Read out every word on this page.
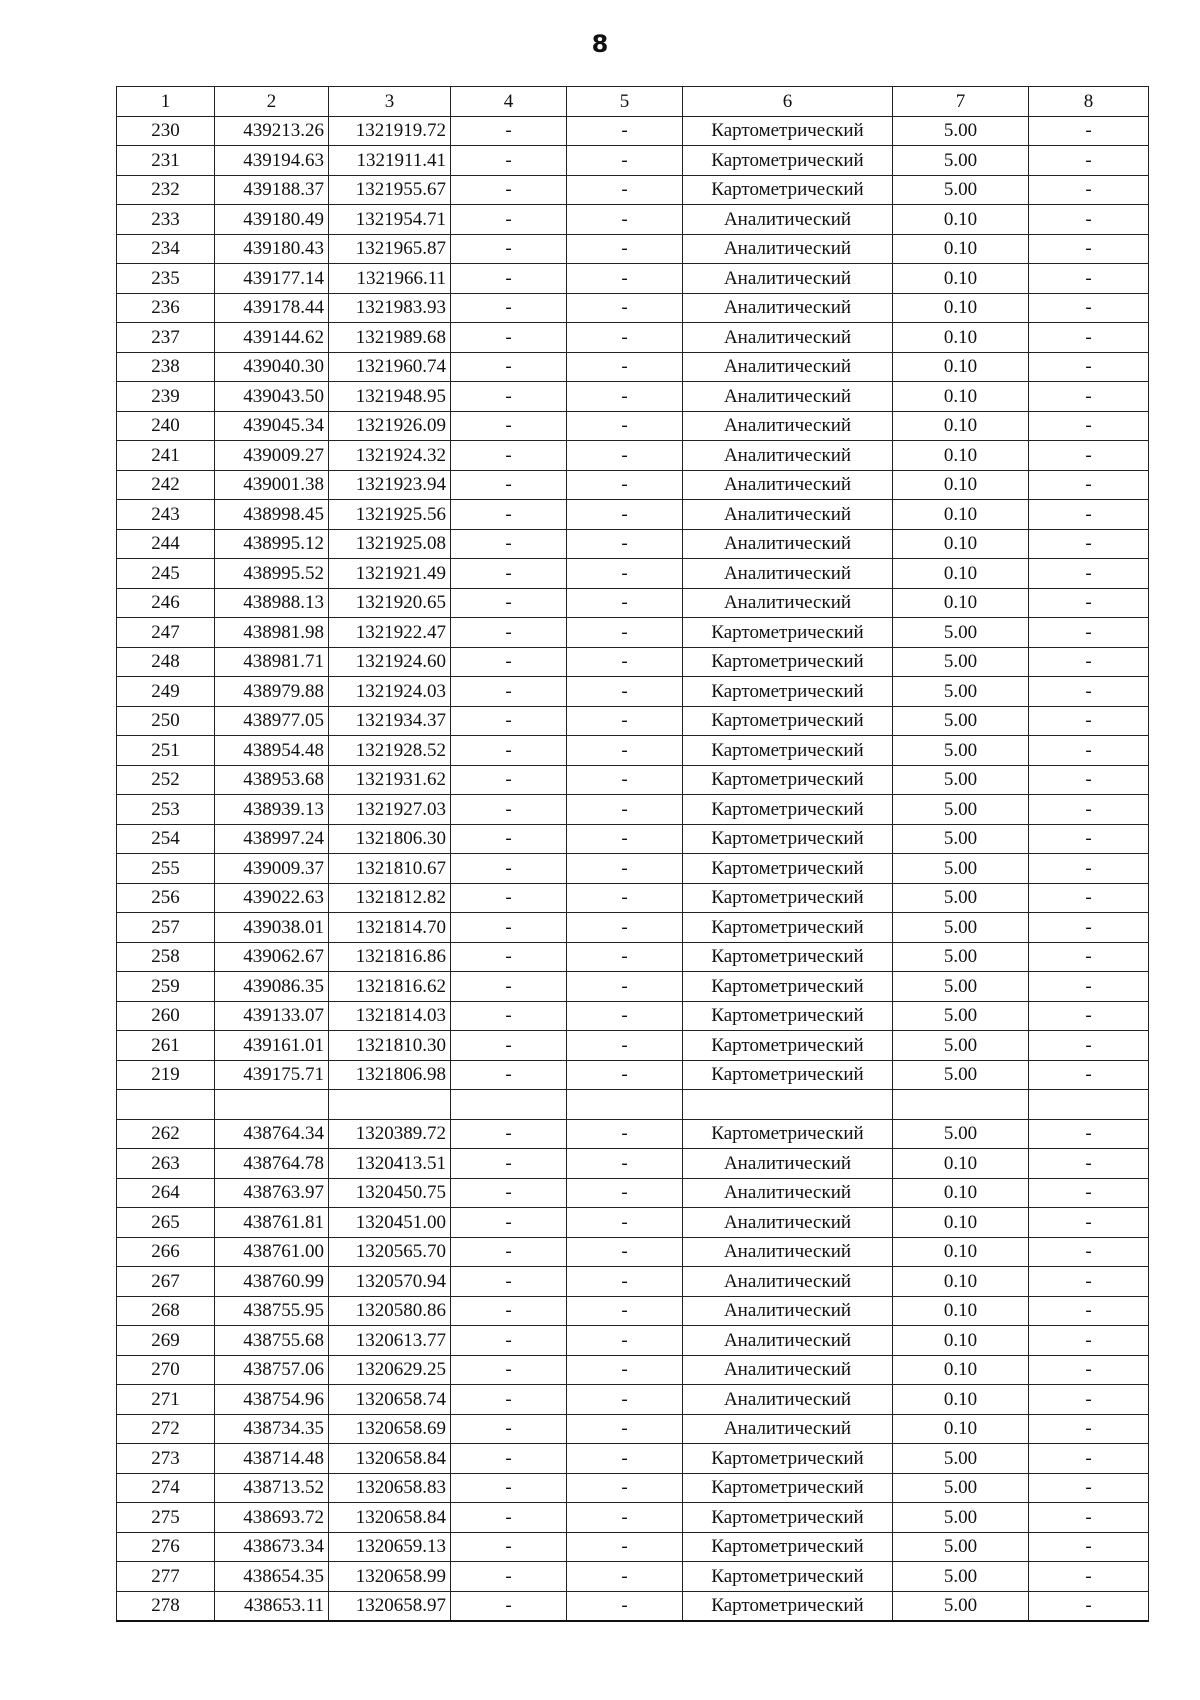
8
1	2	3	4	5	6	7	8
230	439213.26	1321919.72	-	-	Картометрический	5.00	-
231	439194.63	1321911.41	-	-	Картометрический	5.00	-
232	439188.37	1321955.67	-	-	Картометрический	5.00	-
233	439180.49	1321954.71	-	-	Аналитический	0.10	-
234	439180.43	1321965.87	-	-	Аналитический	0.10	-
235	439177.14	1321966.11	-	-	Аналитический	0.10	-
236	439178.44	1321983.93	-	-	Аналитический	0.10	-
237	439144.62	1321989.68	-	-	Аналитический	0.10	-
238	439040.30	1321960.74	-	-	Аналитический	0.10	-
239	439043.50	1321948.95	-	-	Аналитический	0.10	-
240	439045.34	1321926.09	-	-	Аналитический	0.10	-
241	439009.27	1321924.32	-	-	Аналитический	0.10	-
242	439001.38	1321923.94	-	-	Аналитический	0.10	-
243	438998.45	1321925.56	-	-	Аналитический	0.10	-
244	438995.12	1321925.08	-	-	Аналитический	0.10	-
245	438995.52	1321921.49	-	-	Аналитический	0.10	-
246	438988.13	1321920.65	-	-	Аналитический	0.10	-
247	438981.98	1321922.47	-	-	Картометрический	5.00	-
248	438981.71	1321924.60	-	-	Картометрический	5.00	-
249	438979.88	1321924.03	-	-	Картометрический	5.00	-
250	438977.05	1321934.37	-	-	Картометрический	5.00	-
251	438954.48	1321928.52	-	-	Картометрический	5.00	-
252	438953.68	1321931.62	-	-	Картометрический	5.00	-
253	438939.13	1321927.03	-	-	Картометрический	5.00	-
254	438997.24	1321806.30	-	-	Картометрический	5.00	-
255	439009.37	1321810.67	-	-	Картометрический	5.00	-
256	439022.63	1321812.82	-	-	Картометрический	5.00	-
257	439038.01	1321814.70	-	-	Картометрический	5.00	-
258	439062.67	1321816.86	-	-	Картометрический	5.00	-
259	439086.35	1321816.62	-	-	Картометрический	5.00	-
260	439133.07	1321814.03	-	-	Картометрический	5.00	-
261	439161.01	1321810.30	-	-	Картометрический	5.00	-
219	439175.71	1321806.98	-	-	Картометрический	5.00	-

262	438764.34	1320389.72	-	-	Картометрический	5.00	-
263	438764.78	1320413.51	-	-	Аналитический	0.10	-
264	438763.97	1320450.75	-	-	Аналитический	0.10	-
265	438761.81	1320451.00	-	-	Аналитический	0.10	-
266	438761.00	1320565.70	-	-	Аналитический	0.10	-
267	438760.99	1320570.94	-	-	Аналитический	0.10	-
268	438755.95	1320580.86	-	-	Аналитический	0.10	-
269	438755.68	1320613.77	-	-	Аналитический	0.10	-
270	438757.06	1320629.25	-	-	Аналитический	0.10	-
271	438754.96	1320658.74	-	-	Аналитический	0.10	-
272	438734.35	1320658.69	-	-	Аналитический	0.10	-
273	438714.48	1320658.84	-	-	Картометрический	5.00	-
274	438713.52	1320658.83	-	-	Картометрический	5.00	-
275	438693.72	1320658.84	-	-	Картометрический	5.00	-
276	438673.34	1320659.13	-	-	Картометрический	5.00	-
277	438654.35	1320658.99	-	-	Картометрический	5.00	-
278	438653.11	1320658.97	-	-	Картометрический	5.00	-
